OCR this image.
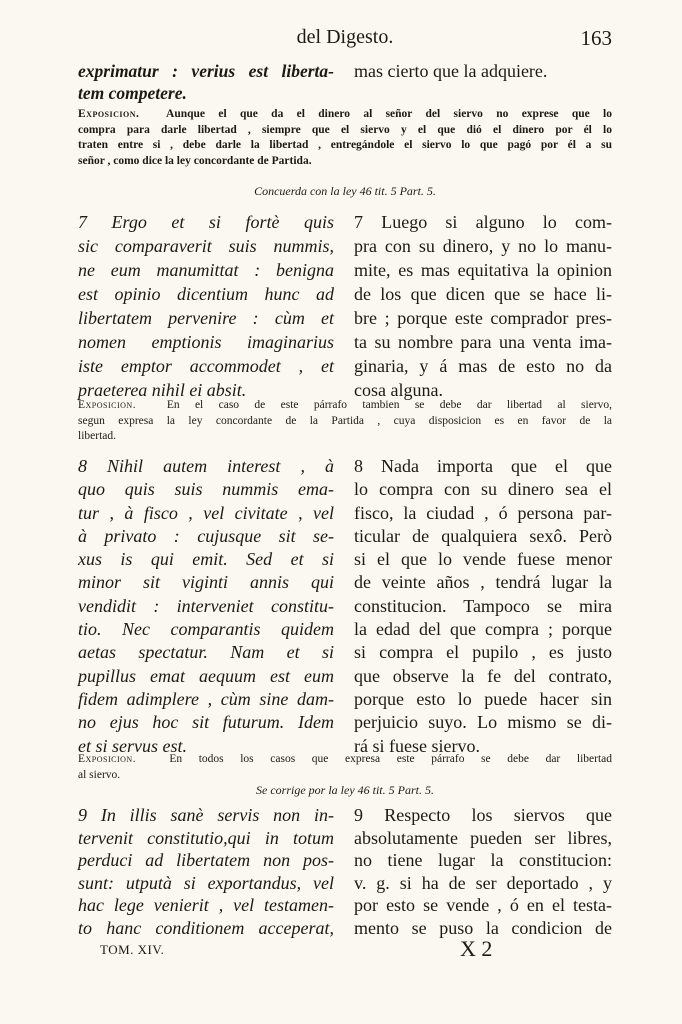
del Digesto.	163
exprimatur : verius est liberta-
tem competere.
mas cierto que la adquiere.
Exposicion. Aunque el que da el dinero al señor del siervo no exprese que lo
compra para darle libertad , siempre que el siervo y el que dió el dinero por él lo
traten entre si , debe darle la libertad , entregándole el siervo lo que pagó por él a su
señor , como dice la ley concordante de Partida.
Concuerda con la ley 46 tit. 5 Part. 5.
7 Ergo et si fortè quis
sic comparaverit suis nummis,
ne eum manumittat : benigna
est opinio dicentium hunc ad
libertatem pervenire : cùm et
nomen emptionis imaginarius
iste emptor accommodet , et
praeterea nihil ei absit.
7 Luego si alguno lo com-
pra con su dinero, y no lo manu-
mite, es mas equitativa la opinion
de los que dicen que se hace li-
bre ; porque este comprador pres-
ta su nombre para una venta ima-
ginaria, y á mas de esto no da
cosa alguna.
Exposicion.	En el caso de este párrafo tambien se debe dar libertad al siervo,
segun expresa la ley concordante de la Partida , cuya disposicion es en favor de la
libertad.
8 Nihil autem interest , à
quo quis suis nummis ema-
tur , à fisco , vel civitate , vel
à privato : cujusque sit se-
xus is qui emit. Sed et si
minor sit viginti annis qui
vendidit : interveniet constitu-
tio. Nec comparantis quidem
aetas spectatur. Nam et si
pupillus emat aequum est eum
fidem adimplere , cùm sine dam-
no ejus hoc sit futurum. Idem
et si servus est.
8 Nada importa que el que
lo compra con su dinero sea el
fisco, la ciudad , ó persona par-
ticular de qualquiera sexô. Però
si el que lo vende fuese menor
de veinte años , tendrá lugar la
constitucion. Tampoco se mira
la edad del que compra ; porque
si compra el pupilo , es justo
que observe la fe del contrato,
porque esto lo puede hacer sin
perjuicio suyo. Lo mismo se di-
rá si fuese siervo.
Exposicion.	En todos los casos que expresa este párrafo se debe dar libertad
al siervo.
Se corrige por la ley 46 tit. 5 Part. 5.
9 In illis sanè servis non in-
tervenit constitutio,qui in totum
perduci ad libertatem non pos-
sunt: utputà si exportandus, vel
hac lege venierit , vel testamen-
to hanc conditionem acceperat,
9 Respecto los siervos que
absolutamente pueden ser libres,
no tiene lugar la constitucion:
v. g. si ha de ser deportado , y
por esto se vende , ó en el testa-
mento se puso la condicion de
TOM. XIV.	X 2
